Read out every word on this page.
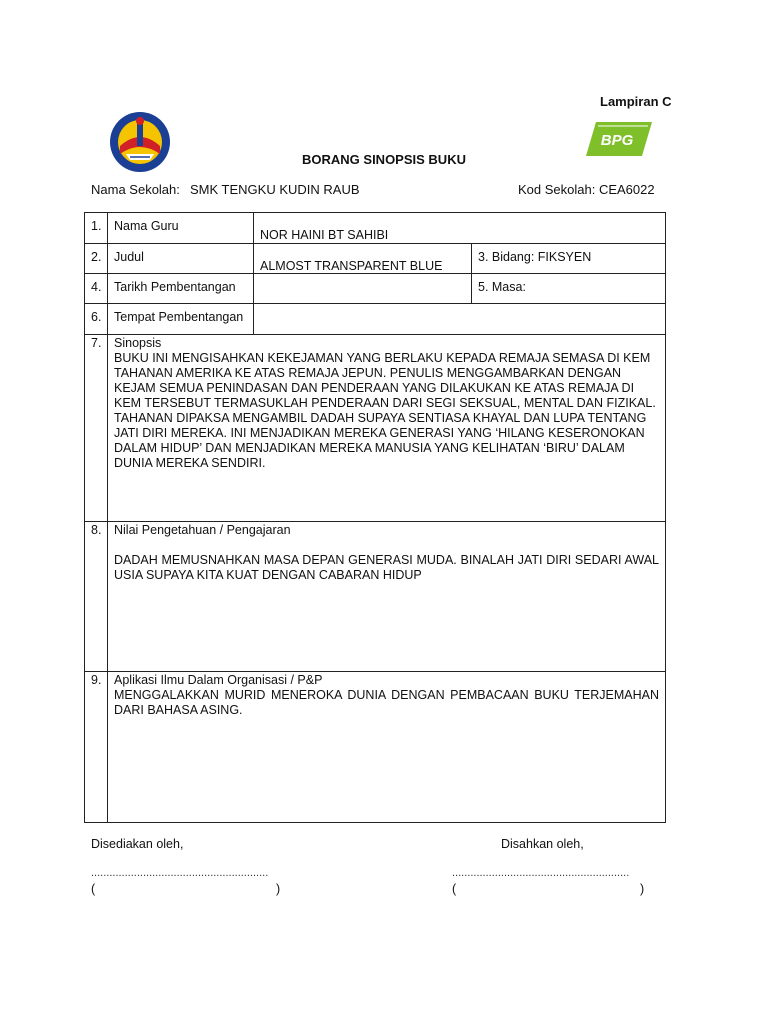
Lampiran C
BPG
BORANG SINOPSIS BUKU
Nama Sekolah: SMK TENGKU KUDIN RAUB	Kod Sekolah: CEA6022
1.	Nama Guru	NOR HAINI BT SAHIBI	
2.	Judul	ALMOST TRANSPARENT BLUE	3. Bidang: FIKSYEN
4.	Tarikh Pembentangan		5. Masa:
6.	Tempat Pembentangan		
7.	Sinopsis

BUKU INI MENGISAHKAN KEKEJAMAN YANG BERLAKU KEPADA REMAJA SEMASA DI KEM TAHANAN AMERIKA KE ATAS REMAJA JEPUN. PENULIS MENGGAMBARKAN DENGAN KEJAM SEMUA PENINDASAN DAN PENDERAAN YANG DILAKUKAN KE ATAS REMAJA DI KEM TERSEBUT TERMASUKLAH PENDERAAN DARI SEGI SEKSUAL, MENTAL DAN FIZIKAL. TAHANAN DIPAKSA MENGAMBIL DADAH SUPAYA SENTIASA KHAYAL DAN LUPA TENTANG JATI DIRI MEREKA. INI MENJADIKAN MEREKA GENERASI YANG ‘HILANG KESERONOKAN DALAM HIDUP’ DAN MENJADIKAN MEREKA MANUSIA YANG KELIHATAN ‘BIRU’ DALAM DUNIA MEREKA SENDIRI.		

8.	Nilai Pengetahuan / Pengajaran

DADAH MEMUSNAHKAN MASA DEPAN GENERASI MUDA. BINALAH JATI DIRI SEDARI AWAL USIA SUPAYA KITA KUAT DENGAN CABARAN HIDUP		

9.	Aplikasi Ilmu Dalam Organisasi / P&P

MENGGALAKKAN MURID MENEROKA DUNIA DENGAN PEMBACAAN BUKU TERJEMAHAN DARI BAHASA ASING.		

Disediakan oleh,	Disahkan oleh,
..........................................................	..........................................................
(	)	(	)
